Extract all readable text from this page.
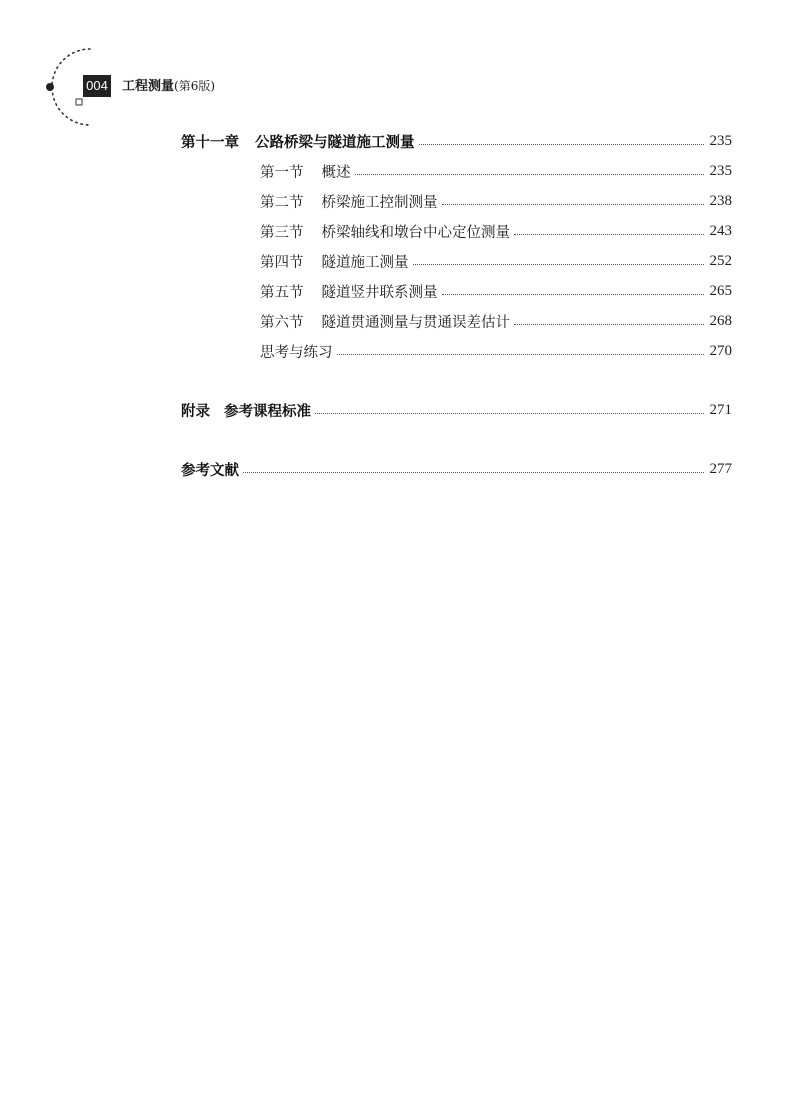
004 工程测量(第6版)
第十一章 公路桥梁与隧道施工测量	235
第一节 概述	235
第二节 桥梁施工控制测量	238
第三节 桥梁轴线和墩台中心定位测量	243
第四节 隧道施工测量	252
第五节 隧道竖井联系测量	265
第六节 隧道贯通测量与贯通误差估计	268
思考与练习	270
附录 参考课程标准	271
参考文献	277
